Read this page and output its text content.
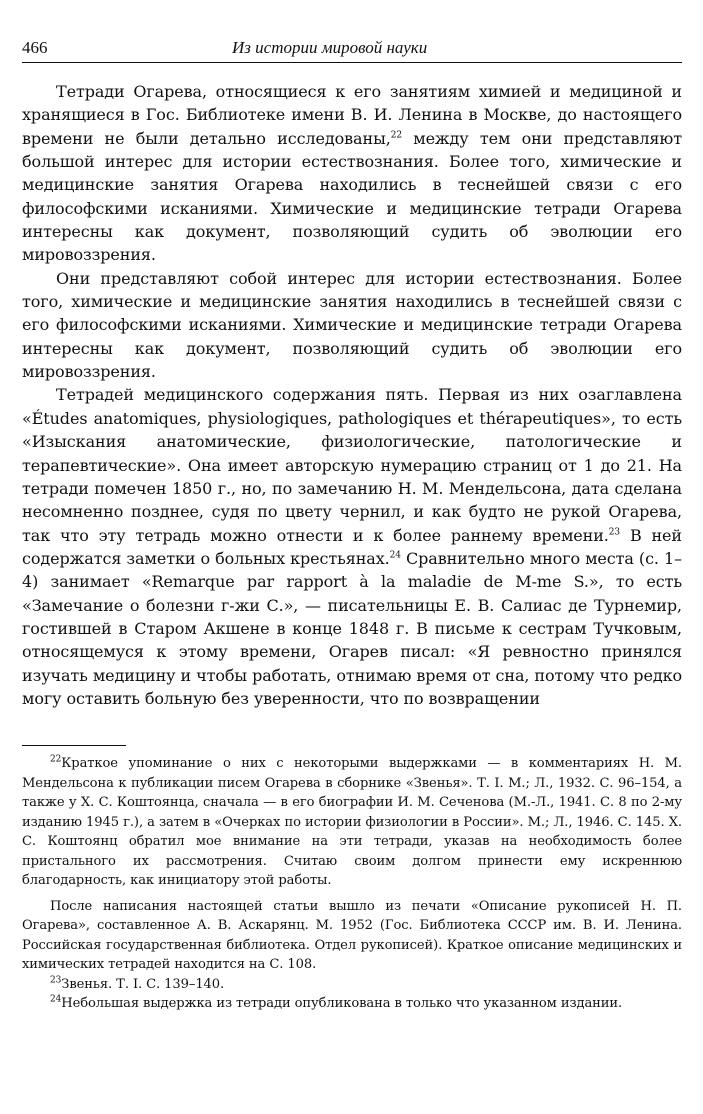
466	Из истории мировой науки

Тетради Огарева, относящиеся к его занятиям химией и медициной и хранящиеся в Гос. Библиотеке имени В. И. Ленина в Москве, до настоящего времени не были детально исследованы,$^{22}$ между тем они представляют большой интерес для истории естествознания. Более того, химические и медицинские занятия Огарева находились в теснейшей связи с его философскими исканиями. Химические и медицинские тетради Огарева интересны как документ, позволяющий судить об эволюции его мировоззрения.

Они представляют собой интерес для истории естествознания. Более того, химические и медицинские занятия находились в теснейшей связи с его философскими исканиями. Химические и медицинские тетради Огарева интересны как документ, позволяющий судить об эволюции его мировоззрения.

Тетрадей медицинского содержания пять. Первая из них озаглавлена «Études anatomiques, physiologiques, pathologiques et thérapeutiques», то есть «Изыскания анатомические, физиологические, патологические и терапевтические». Она имеет авторскую нумерацию страниц от 1 до 21. На тетради помечен 1850 г., но, по замечанию Н. М. Мендельсона, дата сделана несомненно позднее, судя по цвету чернил, и как будто не рукой Огарева, так что эту тетрадь можно отнести и к более раннему времени.$^{23}$ В ней содержатся заметки о больных крестьянах.$^{24}$ Сравнительно много места (с. 1–4) занимает «Remarque par rapport à la maladie de M-me S.», то есть «Замечание о болезни г-жи С.», — писательницы Е. В. Салиас де Турнемир, гостившей в Старом Акшене в конце 1848 г. В письме к сестрам Тучковым, относящемуся к этому времени, Огарев писал: «Я ревностно принялся изучать медицину и чтобы работать, отнимаю время от сна, потому что редко могу оставить больную без уверенности, что по возвращении

$^{22}$Краткое упоминание о них с некоторыми выдержками — в комментариях Н. М. Мендельсона к публикации писем Огарева в сборнике «Звенья». Т. I. М.; Л., 1932. С. 96–154, а также у Х. С. Коштоянца, сначала — в его биографии И. М. Сеченова (М.-Л., 1941. С. 8 по 2-му изданию 1945 г.), а затем в «Очерках по истории физиологии в России». М.; Л., 1946. С. 145. Х. С. Коштоянц обратил мое внимание на эти тетради, указав на необходимость более пристального их рассмотрения. Считаю своим долгом принести ему искреннюю благодарность, как инициатору этой работы.

После написания настоящей статьи вышло из печати «Описание рукописей Н. П. Огарева», составленное А. В. Аскарянц. М. 1952 (Гос. Библиотека СССР им. В. И. Ленина. Российская государственная библиотека. Отдел рукописей). Краткое описание медицинских и химических тетрадей находится на С. 108.

$^{23}$Звенья. Т. I. С. 139–140.

$^{24}$Небольшая выдержка из тетради опубликована в только что указанном издании.
